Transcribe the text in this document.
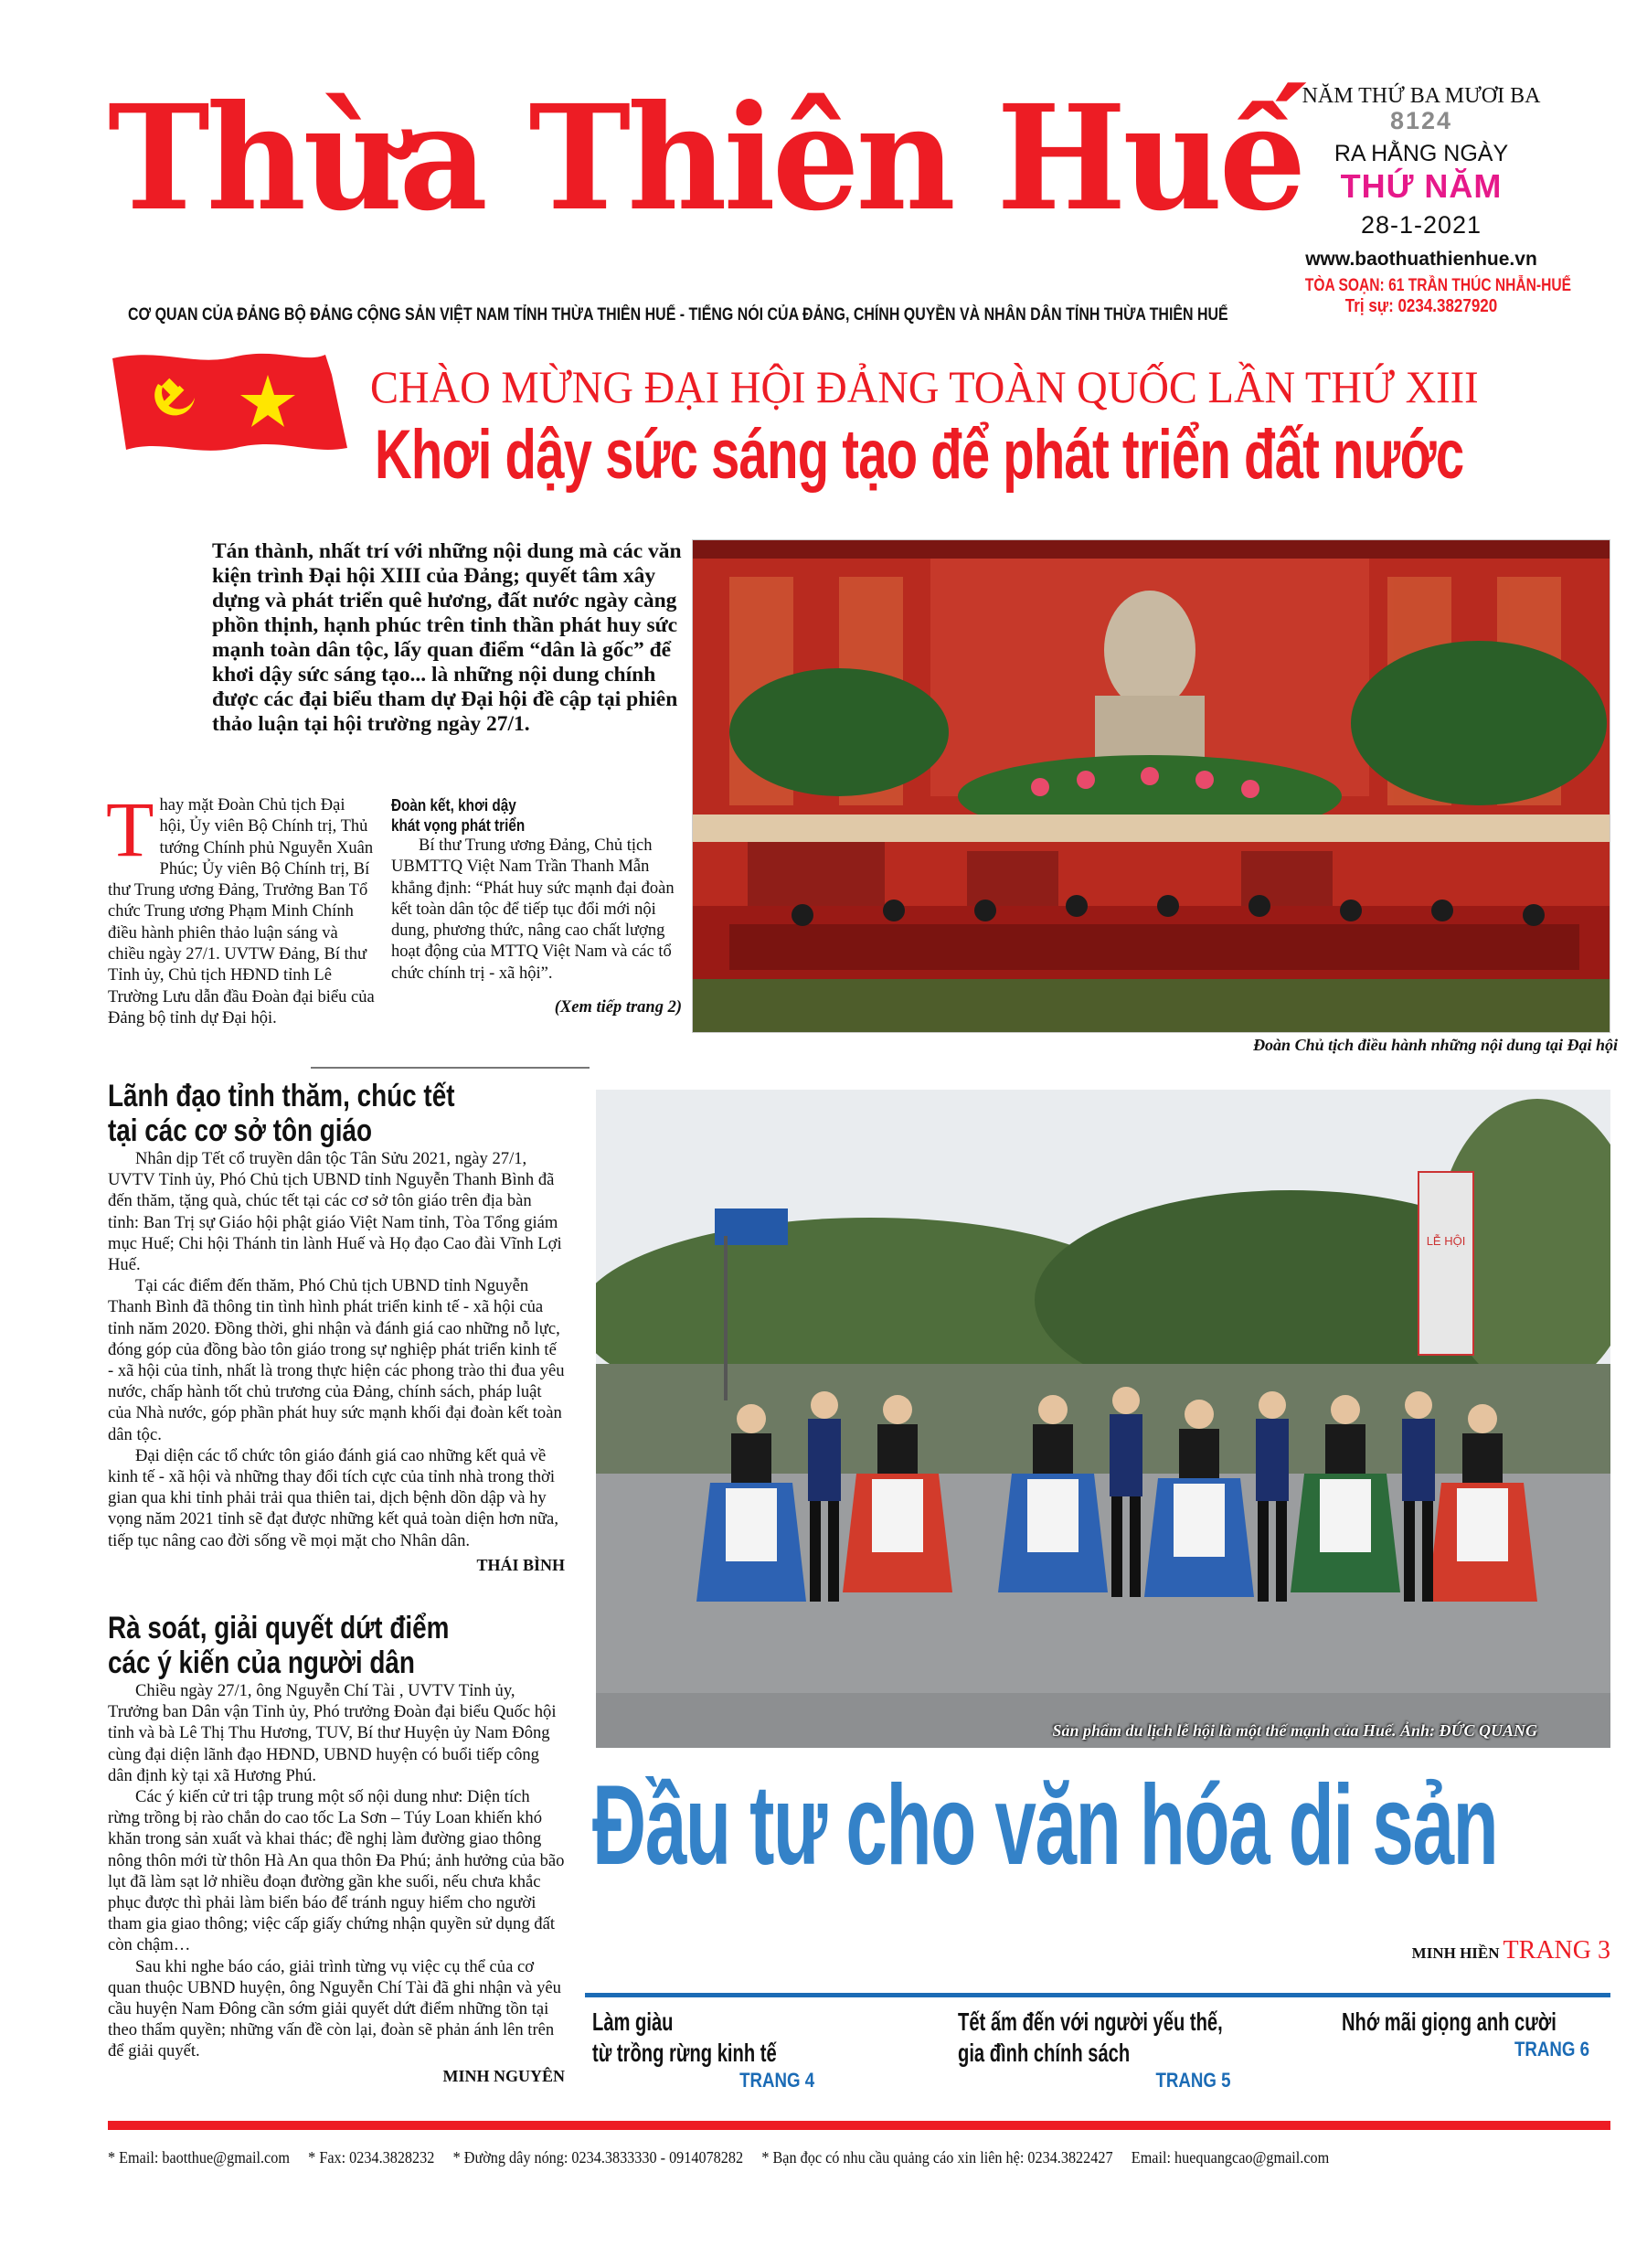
Thừa Thiên Huế
CƠ QUAN CỦA ĐẢNG BỘ ĐẢNG CỘNG SẢN VIỆT NAM TỈNH THỪA THIÊN HUẾ - TIẾNG NÓI CỦA ĐẢNG, CHÍNH QUYỀN VÀ NHÂN DÂN TỈNH THỪA THIÊN HUẾ
NĂM THỨ BA MƯƠI BA
8124
RA HẰNG NGÀY
THỨ NĂM
28-1-2021
www.baothuathienhue.vn
TÒA SOẠN: 61 TRẦN THÚC NHẪN-HUẾ
Trị sự: 0234.3827920
CHÀO MỪNG ĐẠI HỘI ĐẢNG TOÀN QUỐC LẦN THỨ XIII
Khơi dậy sức sáng tạo để phát triển đất nước
Tán thành, nhất trí với những nội dung mà các văn kiện trình Đại hội XIII của Đảng; quyết tâm xây dựng và phát triển quê hương, đất nước ngày càng phồn thịnh, hạnh phúc trên tinh thần phát huy sức mạnh toàn dân tộc, lấy quan điểm “dân là gốc” để khơi dậy sức sáng tạo... là những nội dung chính được các đại biểu tham dự Đại hội đề cập tại phiên thảo luận tại hội trường ngày 27/1.
Đoàn Chủ tịch điều hành những nội dung tại Đại hội
T hay mặt Đoàn Chủ tịch Đại hội, Ủy viên Bộ Chính trị, Thủ tướng Chính phủ Nguyễn Xuân Phúc; Ủy viên Bộ Chính trị, Bí thư Trung ương Đảng, Trưởng Ban Tổ chức Trung ương Phạm Minh Chính điều hành phiên thảo luận sáng và chiều ngày 27/1. UVTW Đảng, Bí thư Tỉnh ủy, Chủ tịch HĐND tỉnh Lê Trường Lưu dẫn đầu Đoàn đại biểu của Đảng bộ tỉnh dự Đại hội.
Đoàn kết, khơi dậy
khát vọng phát triển
Bí thư Trung ương Đảng, Chủ tịch UBMTTQ Việt Nam Trần Thanh Mẫn khẳng định: “Phát huy sức mạnh đại đoàn kết toàn dân tộc để tiếp tục đổi mới nội dung, phương thức, nâng cao chất lượng hoạt động của MTTQ Việt Nam và các tổ chức chính trị - xã hội”.
(Xem tiếp trang 2)
Lãnh đạo tỉnh thăm, chúc tết
tại các cơ sở tôn giáo
Nhân dịp Tết cổ truyền dân tộc Tân Sửu 2021, ngày 27/1, UVTV Tỉnh ủy, Phó Chủ tịch UBND tỉnh Nguyễn Thanh Bình đã đến thăm, tặng quà, chúc tết tại các cơ sở tôn giáo trên địa bàn tỉnh: Ban Trị sự Giáo hội phật giáo Việt Nam tỉnh, Tòa Tổng giám mục Huế; Chi hội Thánh tin lành Huế và Họ đạo Cao đài Vĩnh Lợi Huế.
Tại các điểm đến thăm, Phó Chủ tịch UBND tỉnh Nguyễn Thanh Bình đã thông tin tình hình phát triển kinh tế - xã hội của tỉnh năm 2020. Đồng thời, ghi nhận và đánh giá cao những nỗ lực, đóng góp của đồng bào tôn giáo trong sự nghiệp phát triển kinh tế - xã hội của tỉnh, nhất là trong thực hiện các phong trào thi đua yêu nước, chấp hành tốt chủ trương của Đảng, chính sách, pháp luật của Nhà nước, góp phần phát huy sức mạnh khối đại đoàn kết toàn dân tộc.
Đại diện các tổ chức tôn giáo đánh giá cao những kết quả về kinh tế - xã hội và những thay đổi tích cực của tỉnh nhà trong thời gian qua khi tỉnh phải trải qua thiên tai, dịch bệnh dồn dập và hy vọng năm 2021 tỉnh sẽ đạt được những kết quả toàn diện hơn nữa, tiếp tục nâng cao đời sống về mọi mặt cho Nhân dân.
THÁI BÌNH
Rà soát, giải quyết dứt điểm
các ý kiến của người dân
Chiều ngày 27/1, ông Nguyễn Chí Tài , UVTV Tỉnh ủy, Trưởng ban Dân vận Tỉnh ủy, Phó trưởng Đoàn đại biểu Quốc hội tỉnh và bà Lê Thị Thu Hương, TUV, Bí thư Huyện ủy Nam Đông cùng đại diện lãnh đạo HĐND, UBND huyện có buổi tiếp công dân định kỳ tại xã Hương Phú.
Các ý kiến cử tri tập trung một số nội dung như: Diện tích rừng trồng bị rào chắn do cao tốc La Sơn – Túy Loan khiến khó khăn trong sản xuất và khai thác; đề nghị làm đường giao thông nông thôn mới từ thôn Hà An qua thôn Đa Phú; ảnh hưởng của bão lụt đã làm sạt lở nhiều đoạn đường gần khe suối, nếu chưa khắc phục được thì phải làm biển báo để tránh nguy hiểm cho người tham gia giao thông; việc cấp giấy chứng nhận quyền sử dụng đất còn chậm…
Sau khi nghe báo cáo, giải trình từng vụ việc cụ thể của cơ quan thuộc UBND huyện, ông Nguyễn Chí Tài đã ghi nhận và yêu cầu huyện Nam Đông cần sớm giải quyết dứt điểm những tồn tại theo thẩm quyền; những vấn đề còn lại, đoàn sẽ phản ánh lên trên để giải quyết.
MINH NGUYÊN
LỄ HỘI
Sản phẩm du lịch lễ hội là một thế mạnh của Huế. Ảnh: ĐỨC QUANG
Đầu tư cho văn hóa di sản
MINH HIỀN TRANG 3
Làm giàu
từ trồng rừng kinh tế
TRANG 4
Tết ấm đến với người yếu thế,
gia đình chính sách
TRANG 5
Nhớ mãi giọng anh cười
TRANG 6
* Email: baotthue@gmail.com * Fax: 0234.3828232 * Đường dây nóng: 0234.3833330 - 0914078282 * Bạn đọc có nhu cầu quảng cáo xin liên hệ: 0234.3822427 Email: huequangcao@gmail.com
